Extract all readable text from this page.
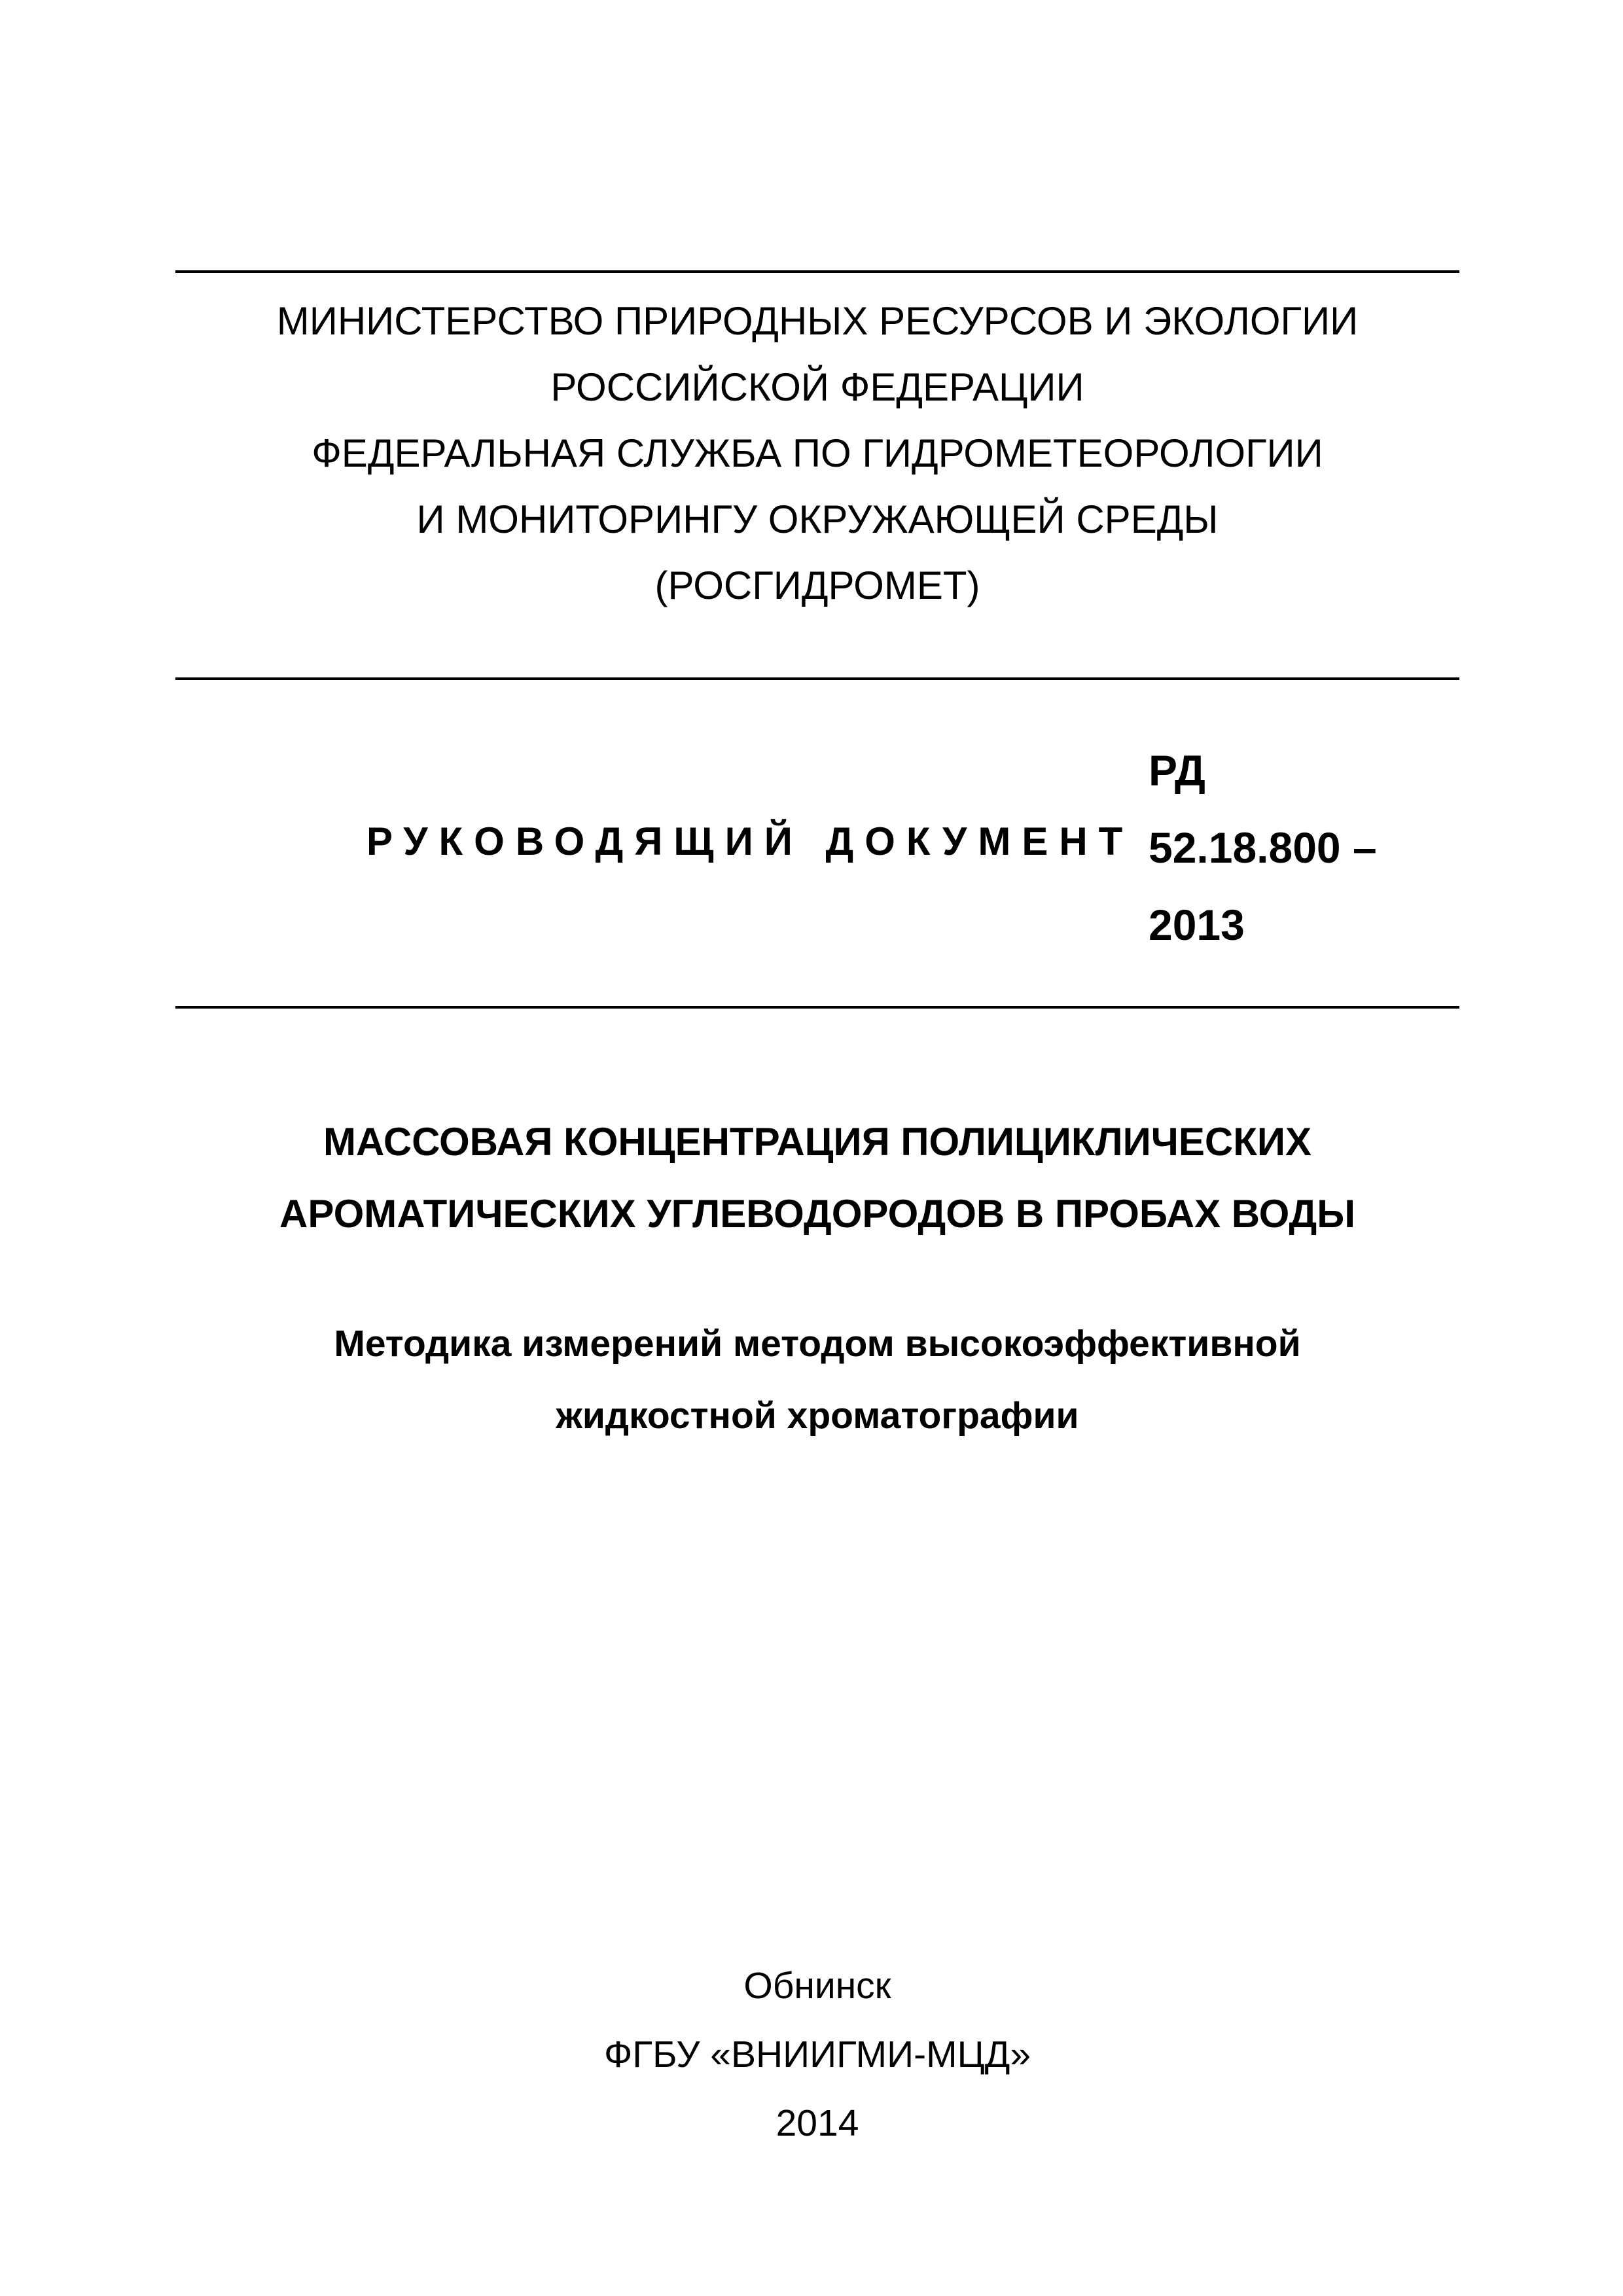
МИНИСТЕРСТВО ПРИРОДНЫХ РЕСУРСОВ И ЭКОЛОГИИ
РОССИЙСКОЙ ФЕДЕРАЦИИ
ФЕДЕРАЛЬНАЯ СЛУЖБА ПО ГИДРОМЕТЕОРОЛОГИИ
И МОНИТОРИНГУ ОКРУЖАЮЩЕЙ СРЕДЫ
(РОСГИДРОМЕТ)
РУКОВОДЯЩИЙ ДОКУМЕНТ
РД
52.18.800 –
2013
МАССОВАЯ КОНЦЕНТРАЦИЯ ПОЛИЦИКЛИЧЕСКИХ
АРОМАТИЧЕСКИХ УГЛЕВОДОРОДОВ В ПРОБАХ ВОДЫ
Методика измерений методом высокоэффективной
жидкостной хроматографии
Обнинск
ФГБУ «ВНИИГМИ-МЦД»
2014
